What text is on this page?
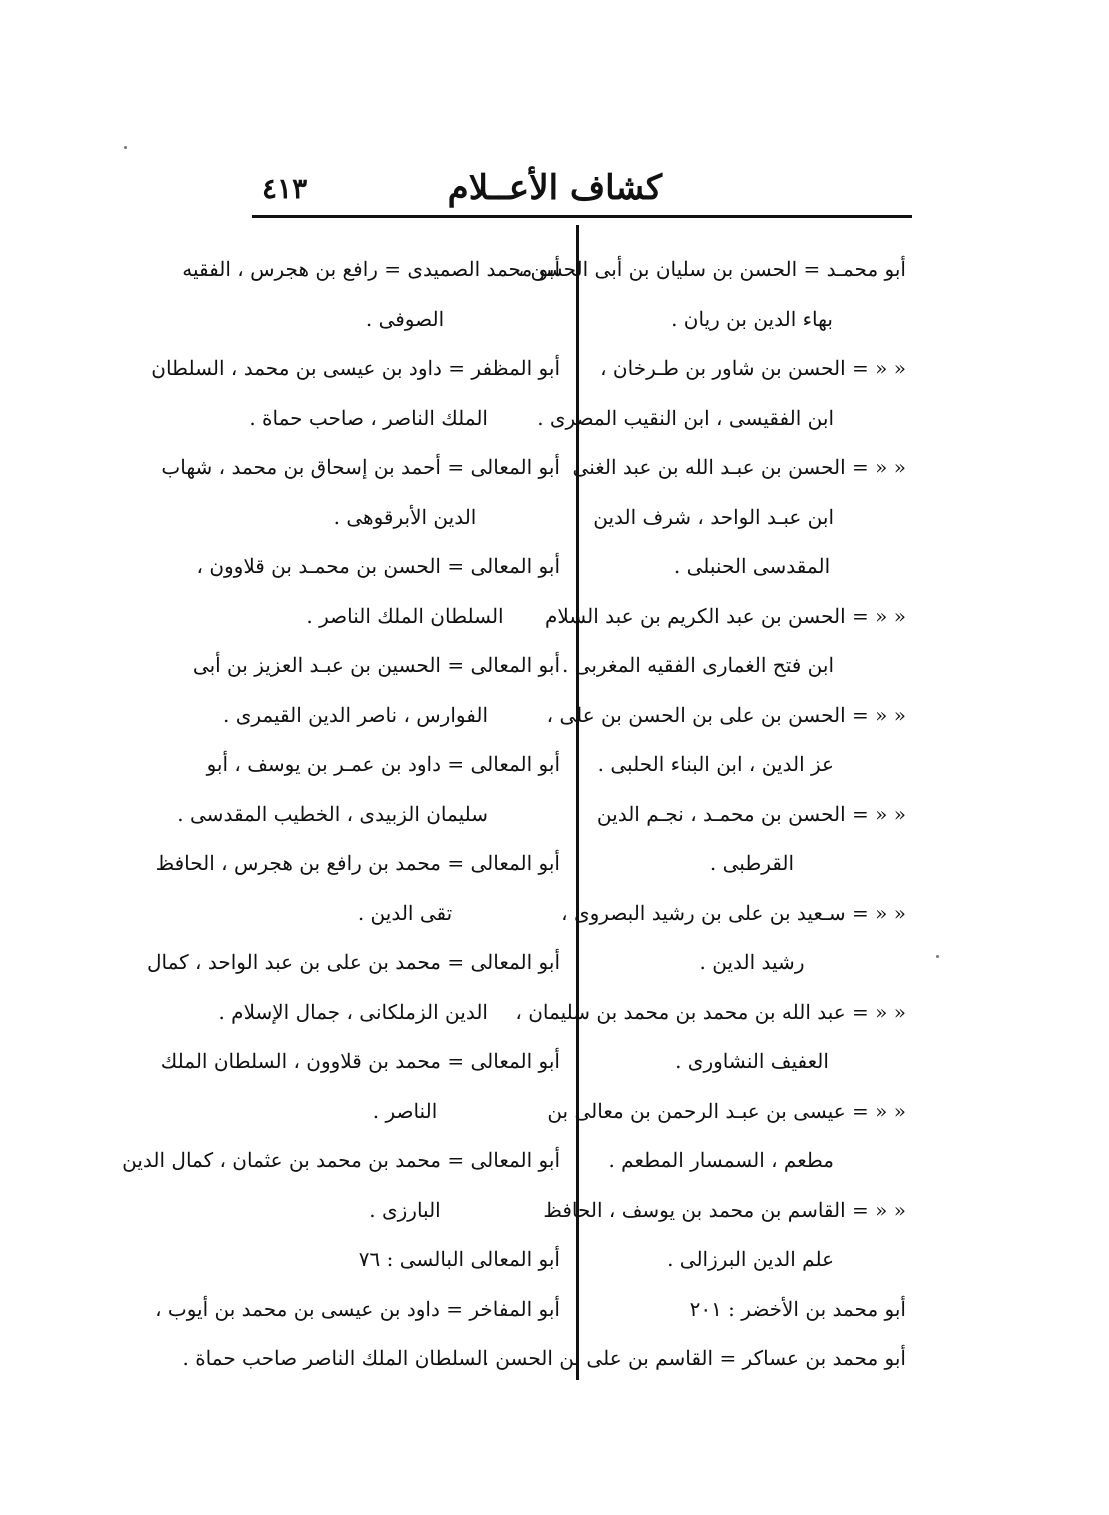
كشاف الأعــلام
٤١٣
أبو محمـد = الحسن بن سليان بن أبى الحسن ،
بهاء الدين بن ريان .
« « = الحسن بن شاور بن طـرخان ،
ابن الفقيسى ، ابن النقيب المصرى .
« « = الحسن بن عبـد الله بن عبد الغنى
ابن عبـد الواحد ، شرف الدين
المقدسى الحنبلى .
« « = الحسن بن عبد الكريم بن عبد السلام
ابن فتح الغمارى الفقيه المغربى .
« « = الحسن بن على بن الحسن بن على ،
عز الدين ، ابن البناء الحلبى .
« « = الحسن بن محمـد ، نجـم الدين
القرطبى .
« « = سـعيد بن على بن رشيد البصروى ،
رشيد الدين .
« « = عبد الله بن محمد بن محمد بن سليمان ،
العفيف النشاورى .
« « = عيسى بن عبـد الرحمن بن معالى بن
مطعم ، السمسار المطعم .
« « = القاسم بن محمد بن يوسف ، الحافظ
علم الدين البرزالى .
أبو محمد بن الأخضر : ٢٠١
أبو محمد بن عساكر = القاسم بن على بن الحسن .
أبو محمد الصميدى = رافع بن هجرس ، الفقيه
الصوفى .
أبو المظفر = داود بن عيسى بن محمد ، السلطان
الملك الناصر ، صاحب حماة .
أبو المعالى = أحمد بن إسحاق بن محمد ، شهاب
الدين الأبرقوهى .
أبو المعالى = الحسن بن محمـد بن قلاوون ،
السلطان الملك الناصر .
أبو المعالى = الحسين بن عبـد العزيز بن أبى
الفوارس ، ناصر الدين القيمرى .
أبو المعالى = داود بن عمـر بن يوسف ، أبو
سليمان الزبيدى ، الخطيب المقدسى .
أبو المعالى = محمد بن رافع بن هجرس ، الحافظ
تقى الدين .
أبو المعالى = محمد بن على بن عبد الواحد ، كمال
الدين الزملكانى ، جمال الإسلام .
أبو المعالى = محمد بن قلاوون ، السلطان الملك
الناصر .
أبو المعالى = محمد بن محمد بن عثمان ، كمال الدين
البارزى .
أبو المعالى البالسى : ٧٦
أبو المفاخر = داود بن عيسى بن محمد بن أيوب ،
السلطان الملك الناصر صاحب حماة .
